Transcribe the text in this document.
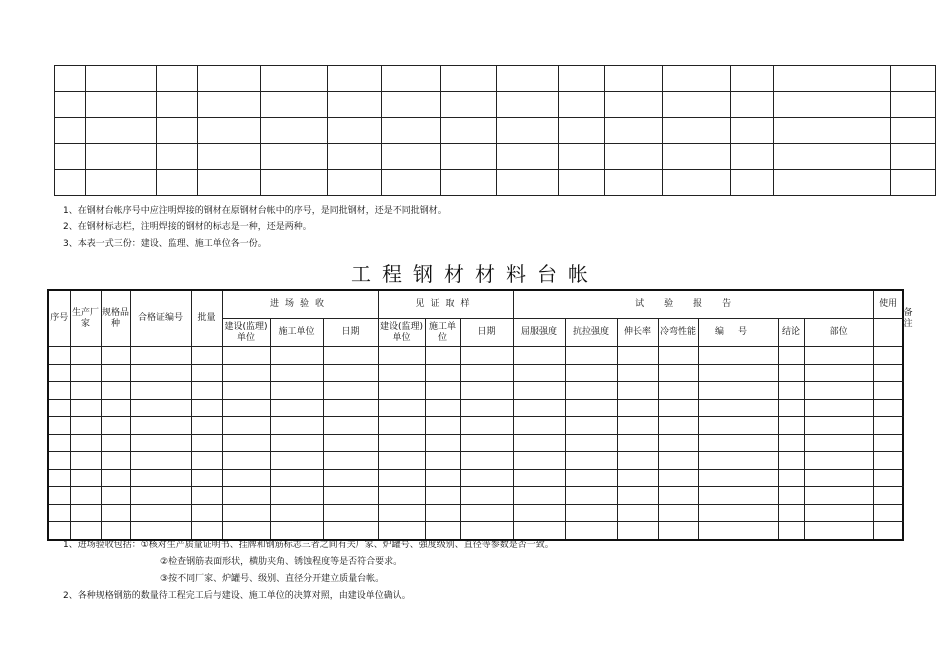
1、在钢材台帐序号中应注明焊接的钢材在原钢材台帐中的序号，是同批钢材，还是不同批钢材。
2、在钢材标志栏，注明焊接的钢材的标志是一种，还是两种。
3、本表一式三份：建设、监理、施工单位各一份。
工程钢材材料台帐
序号	生产厂家	规格品种	合格证编号	批量	进场验收			见证取样			试验报告							使用	备注
					建设(监理)单位	施工单位	日期	建设(监理)单位	施工单位	日期	屈服强度	抗拉强度	伸长率	冷弯性能	编号	结论	部位		

1、进场验收包括：①核对生产质量证明书、挂牌和钢筋标志三者之间有关厂家、炉罐号、强度级别、直径等参数是否一致。
②检查钢筋表面形状，横肋夹角、锈蚀程度等是否符合要求。
③按不同厂家、炉罐号、级别、直径分开建立质量台帐。
2、各种规格钢筋的数量待工程完工后与建设、施工单位的决算对照，由建设单位确认。
